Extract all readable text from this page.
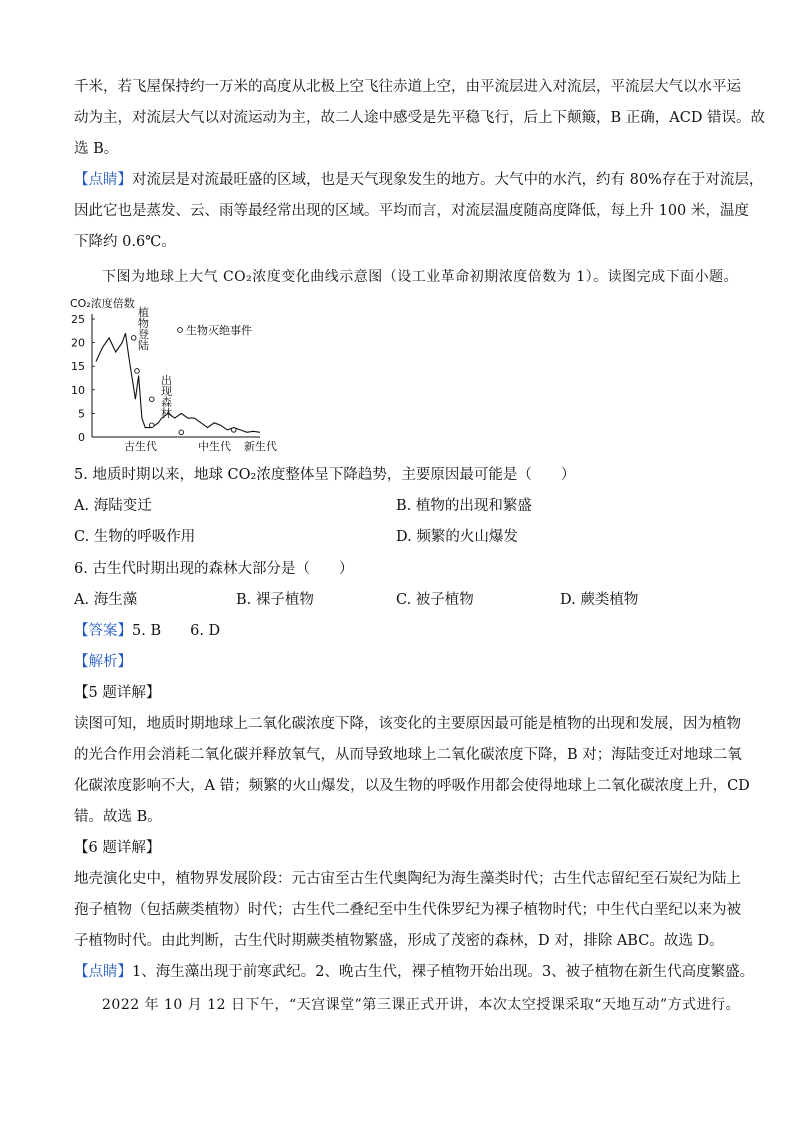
千米，若飞屋保持约一万米的高度从北极上空飞往赤道上空，由平流层进入对流层，平流层大气以水平运

动为主，对流层大气以对流运动为主，故二人途中感受是先平稳飞行，后上下颠簸，B 正确，ACD 错误。故

选 B。

【点睛】对流层是对流最旺盛的区域，也是天气现象发生的地方。大气中的水汽，约有 80%存在于对流层，

因此它也是蒸发、云、雨等最经常出现的区域。平均而言，对流层温度随高度降低，每上升 100 米，温度

下降约 0.6℃。

下图为地球上大气 CO₂浓度变化曲线示意图（设工业革命初期浓度倍数为 1）。读图完成下面小题。

CO₂浓度倍数
25
20
15
10
5
0
生物灭绝事件
植物登陆
出现森林
古生代	中生代 新生代

5. 地质时期以来，地球 CO₂浓度整体呈下降趋势，主要原因最可能是（　　）

A. 海陆变迁	B. 植物的出现和繁盛
C. 生物的呼吸作用	D. 频繁的火山爆发

6. 古生代时期出现的森林大部分是（　　）

A. 海生藻	B. 裸子植物	C. 被子植物	D. 蕨类植物

【答案】5. B　　6. D

【解析】

【5 题详解】

读图可知，地质时期地球上二氧化碳浓度下降，该变化的主要原因最可能是植物的出现和发展，因为植物

的光合作用会消耗二氧化碳并释放氧气，从而导致地球上二氧化碳浓度下降，B 对；海陆变迁对地球二氧

化碳浓度影响不大，A 错；频繁的火山爆发，以及生物的呼吸作用都会使得地球上二氧化碳浓度上升，CD

错。故选 B。

【6 题详解】

地壳演化史中，植物界发展阶段：元古宙至古生代奥陶纪为海生藻类时代；古生代志留纪至石炭纪为陆上

孢子植物（包括蕨类植物）时代；古生代二叠纪至中生代侏罗纪为裸子植物时代；中生代白垩纪以来为被

子植物时代。由此判断，古生代时期蕨类植物繁盛，形成了茂密的森林，D 对，排除 ABC。故选 D。

【点睛】1、海生藻出现于前寒武纪。2、晚古生代，裸子植物开始出现。3、被子植物在新生代高度繁盛。

2022 年 10 月 12 日下午，“天宫课堂”第三课正式开讲，本次太空授课采取“天地互动”方式进行。
